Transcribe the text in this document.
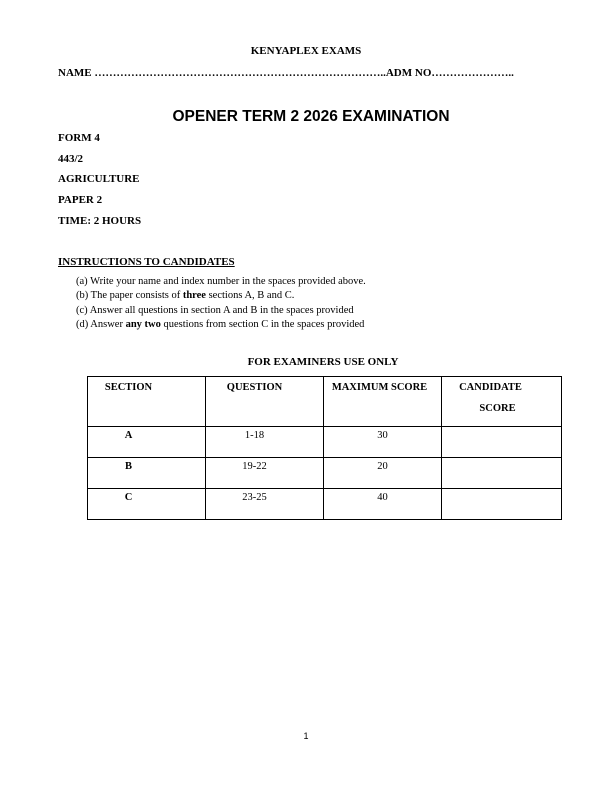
KENYAPLEX EXAMS
NAME ……………………………………………………………………..ADM NO…………………..
OPENER TERM 2 2026 EXAMINATION
FORM 4
443/2
AGRICULTURE
PAPER 2
TIME: 2 HOURS
INSTRUCTIONS TO CANDIDATES
(a) Write your name and index number in the spaces provided above.
(b) The paper consists of three sections A, B and C.
(c) Answer all questions in section A and B in the spaces provided
(d) Answer any two questions from section C in the spaces provided
FOR EXAMINERS USE ONLY
SECTION	QUESTION	MAXIMUM SCORE	CANDIDATE
SCORE

A	1-18	30	

B	19-22	20	

C	23-25	40	

1
